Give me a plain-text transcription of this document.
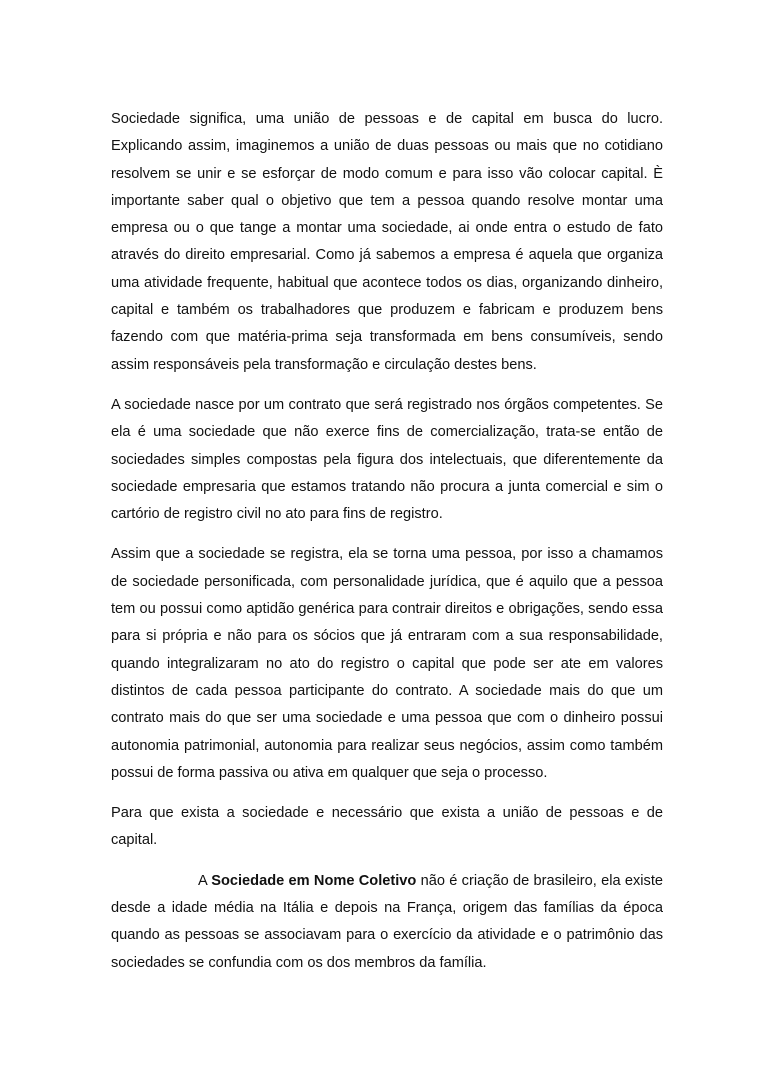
Sociedade significa, uma união de pessoas e de capital em busca do lucro. Explicando assim, imaginemos a união de duas pessoas ou mais que no cotidiano resolvem se unir e se esforçar de modo comum e para isso vão colocar capital. È importante saber qual o objetivo que tem a pessoa quando resolve montar uma empresa ou o que tange a montar uma sociedade, ai onde entra o estudo de fato através do direito empresarial. Como já sabemos a empresa é aquela que organiza uma atividade frequente, habitual que acontece todos os dias, organizando dinheiro, capital e também os trabalhadores que produzem e fabricam e produzem bens fazendo com que matéria-prima seja transformada em bens consumíveis, sendo assim responsáveis pela transformação e circulação destes bens.

A sociedade nasce por um contrato que será registrado nos órgãos competentes. Se ela é uma sociedade que não exerce fins de comercialização, trata-se então de sociedades simples compostas pela figura dos intelectuais, que diferentemente da sociedade empresaria que estamos tratando não procura a junta comercial e sim o cartório de registro civil no ato para fins de registro.

Assim que a sociedade se registra, ela se torna uma pessoa, por isso a chamamos de sociedade personificada, com personalidade jurídica, que é aquilo que a pessoa tem ou possui como aptidão genérica para contrair direitos e obrigações, sendo essa para si própria e não para os sócios que já entraram com a sua responsabilidade, quando integralizaram no ato do registro o capital que pode ser ate em valores distintos de cada pessoa participante do contrato. A sociedade mais do que um contrato mais do que ser uma sociedade e uma pessoa que com o dinheiro possui autonomia patrimonial, autonomia para realizar seus negócios, assim como também possui de forma passiva ou ativa em qualquer que seja o processo.

Para que exista a sociedade e necessário que exista a união de pessoas e de capital.

A Sociedade em Nome Coletivo não é criação de brasileiro, ela existe desde a idade média na Itália e depois na França, origem das famílias da época quando as pessoas se associavam para o exercício da atividade e o patrimônio das sociedades se confundia com os dos membros da família.
